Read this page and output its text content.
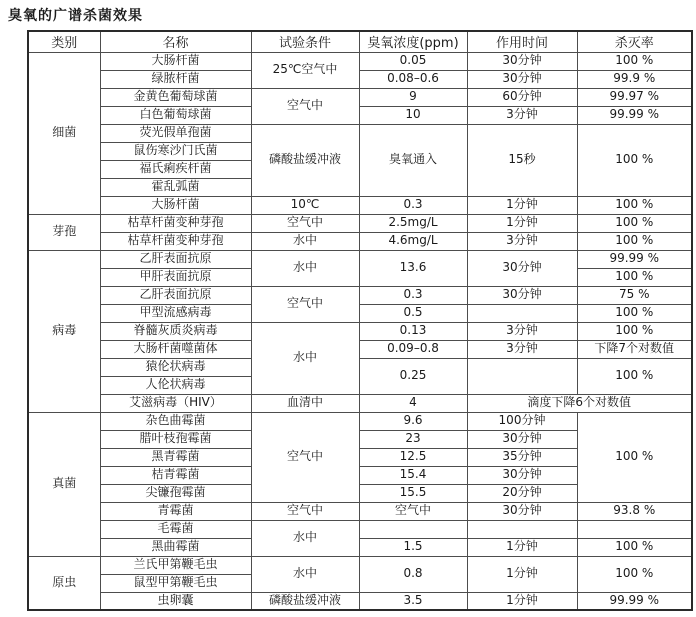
臭氧的广谱杀菌效果
类别	名称	试验条件	臭氧浓度(ppm)	作用时间	杀灭率
细菌	大肠杆菌	25℃空气中	0.05	30分钟	100 %
	绿脓杆菌		0.08–0.6	30分钟	99.9 %
	金黄色葡萄球菌	空气中	9	60分钟	99.97 %
	白色葡萄球菌		10	3分钟	99.99 %
	荧光假单孢菌	磷酸盐缓冲液	臭氧通入	15秒	100 %
	鼠伤寒沙门氏菌				
	福氏痢疾杆菌				
	霍乱弧菌				
	大肠杆菌	10℃	0.3	1分钟	100 %
芽孢	枯草杆菌变种芽孢	空气中	2.5mg/L	1分钟	100 %
	枯草杆菌变种芽孢	水中	4.6mg/L	3分钟	100 %
病毒	乙肝表面抗原	水中	13.6	30分钟	99.99 %
	甲肝表面抗原				100 %
	乙肝表面抗原	空气中	0.3	30分钟	75 %
	甲型流感病毒		0.5		100 %
	脊髓灰质炎病毒	水中	0.13	3分钟	100 %
	大肠杆菌噬菌体		0.09–0.8	3分钟	下降7个对数值
	猿伦状病毒		0.25		100 %
	人伦状病毒				
	艾滋病毒（HIV）	血清中	4	滴度下降6个对数值	
真菌	杂色曲霉菌	空气中	9.6	100分钟	100 %
	腊叶枝孢霉菌		23	30分钟	
	黑青霉菌		12.5	35分钟	
	桔青霉菌		15.4	30分钟	
	尖镰孢霉菌		15.5	20分钟	
	青霉菌	空气中	空气中	30分钟	93.8 %
	毛霉菌	水中			
	黑曲霉菌		1.5	1分钟	100 %
原虫	兰氏甲第鞭毛虫	水中	0.8	1分钟	100 %
	鼠型甲第鞭毛虫				
	虫卵囊	磷酸盐缓冲液	3.5	1分钟	99.99 %
